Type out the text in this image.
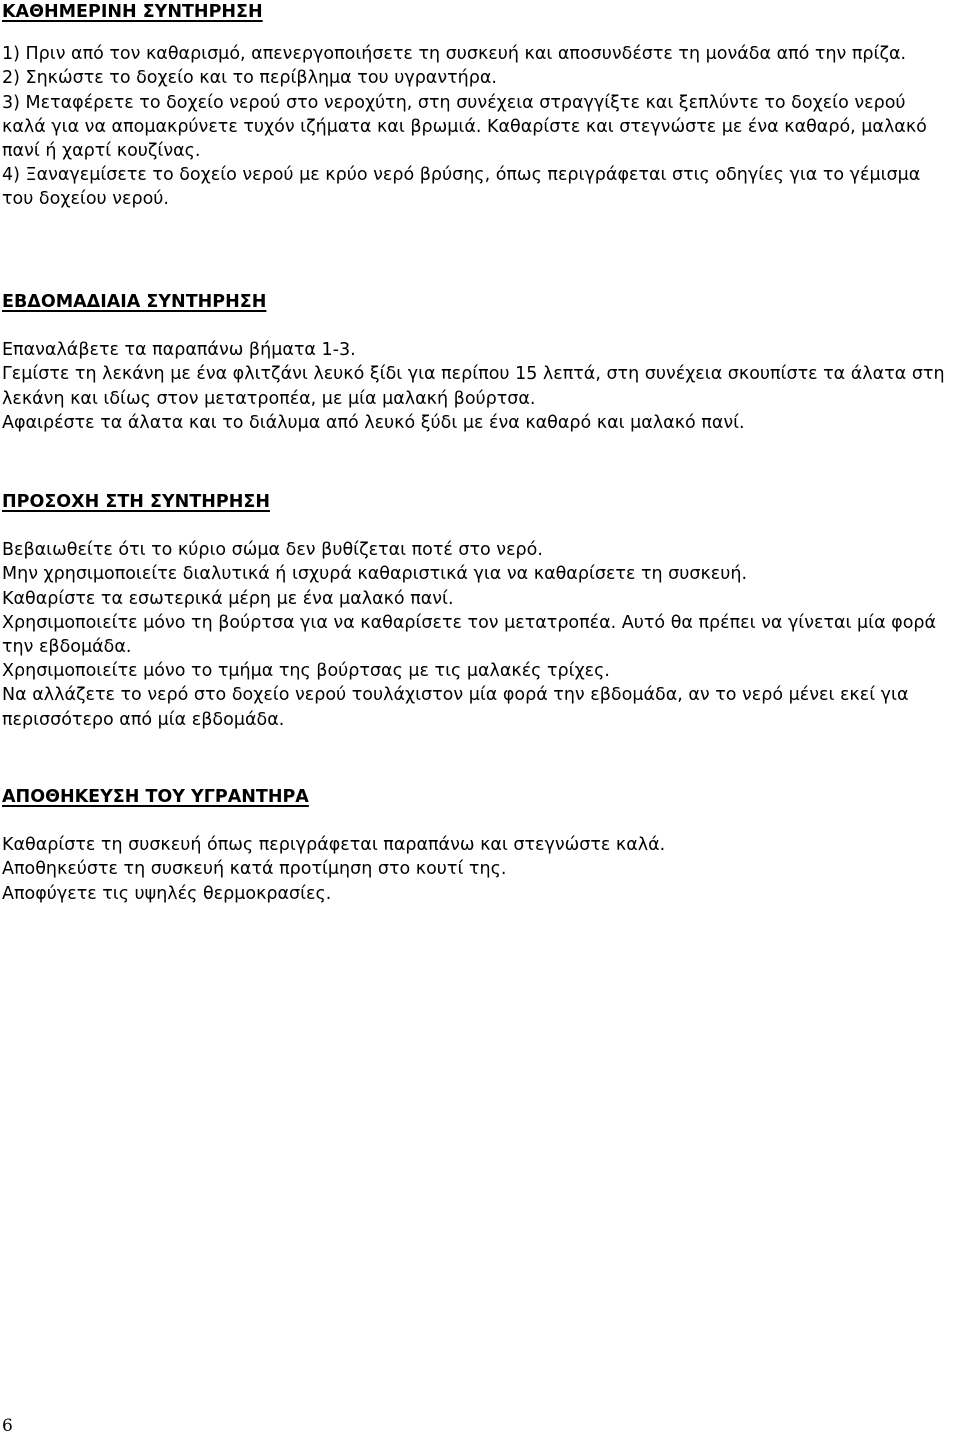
ΚΑΘΗΜΕΡΙΝΗ ΣΥΝΤΗΡΗΣΗ

1) Πριν από τον καθαρισμό, απενεργοποιήσετε τη συσκευή και αποσυνδέστε τη μονάδα από την πρίζα.

2) Σηκώστε το δοχείο και το περίβλημα του υγραντήρα.

3) Μεταφέρετε το δοχείο νερού στο νεροχύτη, στη συνέχεια στραγγίξτε και ξεπλύντε το δοχείο νερού καλά για να απομακρύνετε τυχόν ιζήματα και βρωμιά. Καθαρίστε και στεγνώστε με ένα καθαρό, μαλακό πανί ή χαρτί κουζίνας.

4) Ξαναγεμίσετε το δοχείο νερού με κρύο νερό βρύσης, όπως περιγράφεται στις οδηγίες για το γέμισμα του δοχείου νερού.

ΕΒΔΟΜΑΔΙΑΙΑ ΣΥΝΤΗΡΗΣΗ

Επαναλάβετε τα παραπάνω βήματα 1-3.

Γεμίστε τη λεκάνη με ένα φλιτζάνι λευκό ξίδι για περίπου 15 λεπτά, στη συνέχεια σκουπίστε τα άλατα στη λεκάνη και ιδίως στον μετατροπέα, με μία μαλακή βούρτσα.

Αφαιρέστε τα άλατα και το διάλυμα από λευκό ξύδι με ένα καθαρό και μαλακό πανί.

ΠΡΟΣΟΧΗ ΣΤΗ ΣΥΝΤΗΡΗΣΗ

Βεβαιωθείτε ότι το κύριο σώμα δεν βυθίζεται ποτέ στο νερό.

Μην χρησιμοποιείτε διαλυτικά ή ισχυρά καθαριστικά για να καθαρίσετε τη συσκευή.

Καθαρίστε τα εσωτερικά μέρη με ένα μαλακό πανί.

Χρησιμοποιείτε μόνο τη βούρτσα για να καθαρίσετε τον μετατροπέα. Αυτό θα πρέπει να γίνεται μία φορά την εβδομάδα.

Χρησιμοποιείτε μόνο το τμήμα της βούρτσας με τις μαλακές τρίχες.

Να αλλάζετε το νερό στο δοχείο νερού τουλάχιστον μία φορά την εβδομάδα, αν το νερό μένει εκεί για περισσότερο από μία εβδομάδα.

ΑΠΟΘΗΚΕΥΣΗ ΤΟΥ ΥΓΡΑΝΤΗΡΑ

Καθαρίστε τη συσκευή όπως περιγράφεται παραπάνω και στεγνώστε καλά.

Αποθηκεύστε τη συσκευή κατά προτίμηση στο κουτί της.

Αποφύγετε τις υψηλές θερμοκρασίες.

6
